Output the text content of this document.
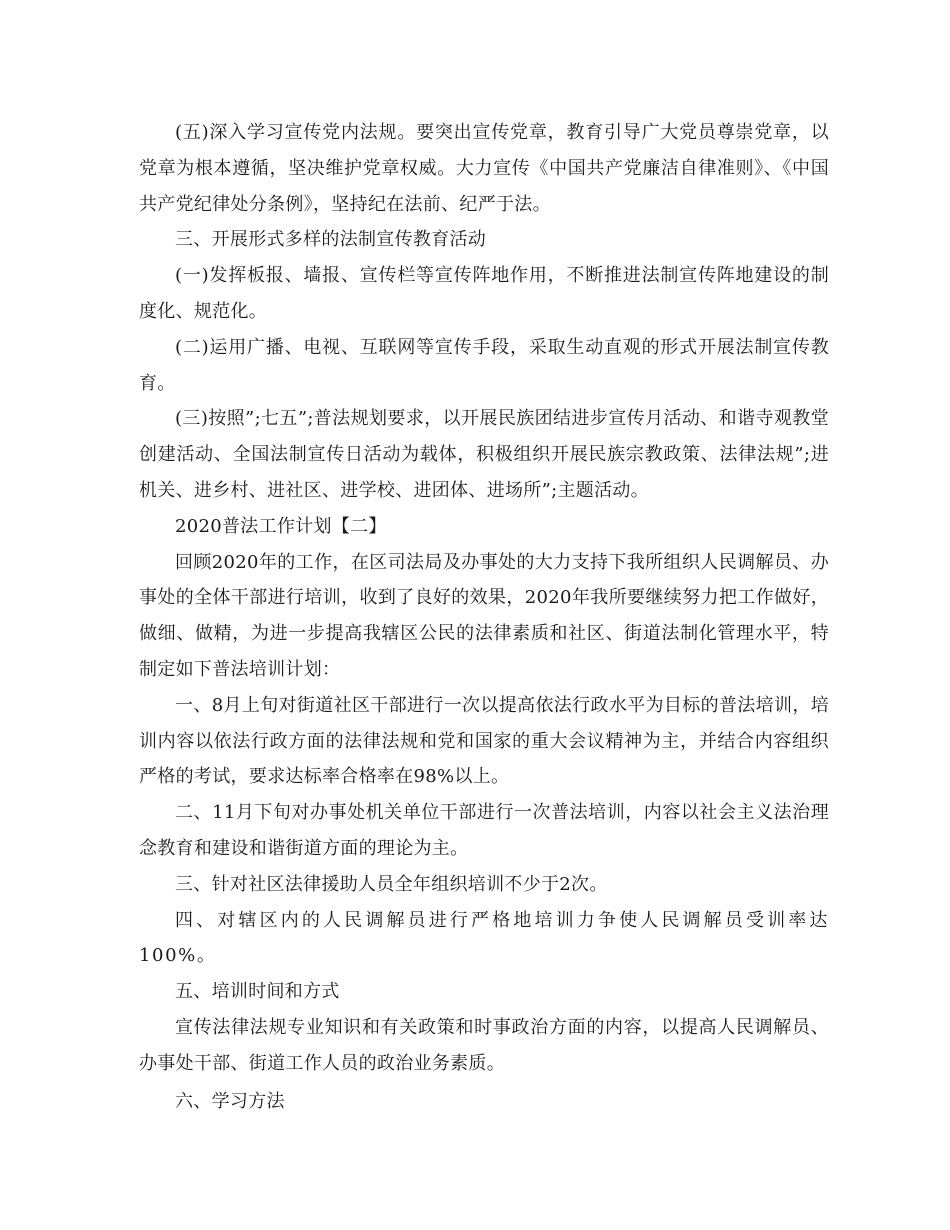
(五)深入学习宣传党内法规。要突出宣传党章，教育引导广大党员尊崇党章，以党章为根本遵循，坚决维护党章权威。大力宣传《中国共产党廉洁自律准则》、《中国共产党纪律处分条例》，坚持纪在法前、纪严于法。

三、开展形式多样的法制宣传教育活动

(一)发挥板报、墙报、宣传栏等宣传阵地作用，不断推进法制宣传阵地建设的制度化、规范化。

(二)运用广播、电视、互联网等宣传手段，采取生动直观的形式开展法制宣传教育。

(三)按照”;七五”;普法规划要求，以开展民族团结进步宣传月活动、和谐寺观教堂创建活动、全国法制宣传日活动为载体，积极组织开展民族宗教政策、法律法规”;进机关、进乡村、进社区、进学校、进团体、进场所”;主题活动。

2020普法工作计划【二】

回顾2020年的工作，在区司法局及办事处的大力支持下我所组织人民调解员、办事处的全体干部进行培训，收到了良好的效果，2020年我所要继续努力把工作做好，做细、做精，为进一步提高我辖区公民的法律素质和社区、街道法制化管理水平，特制定如下普法培训计划：

一、8月上旬对街道社区干部进行一次以提高依法行政水平为目标的普法培训，培训内容以依法行政方面的法律法规和党和国家的重大会议精神为主，并结合内容组织严格的考试，要求达标率合格率在98%以上。

二、11月下旬对办事处机关单位干部进行一次普法培训，内容以社会主义法治理念教育和建设和谐街道方面的理论为主。

三、针对社区法律援助人员全年组织培训不少于2次。

四、对辖区内的人民调解员进行严格地培训力争使人民调解员受训率达100%。

五、培训时间和方式

宣传法律法规专业知识和有关政策和时事政治方面的内容，以提高人民调解员、办事处干部、街道工作人员的政治业务素质。

六、学习方法
